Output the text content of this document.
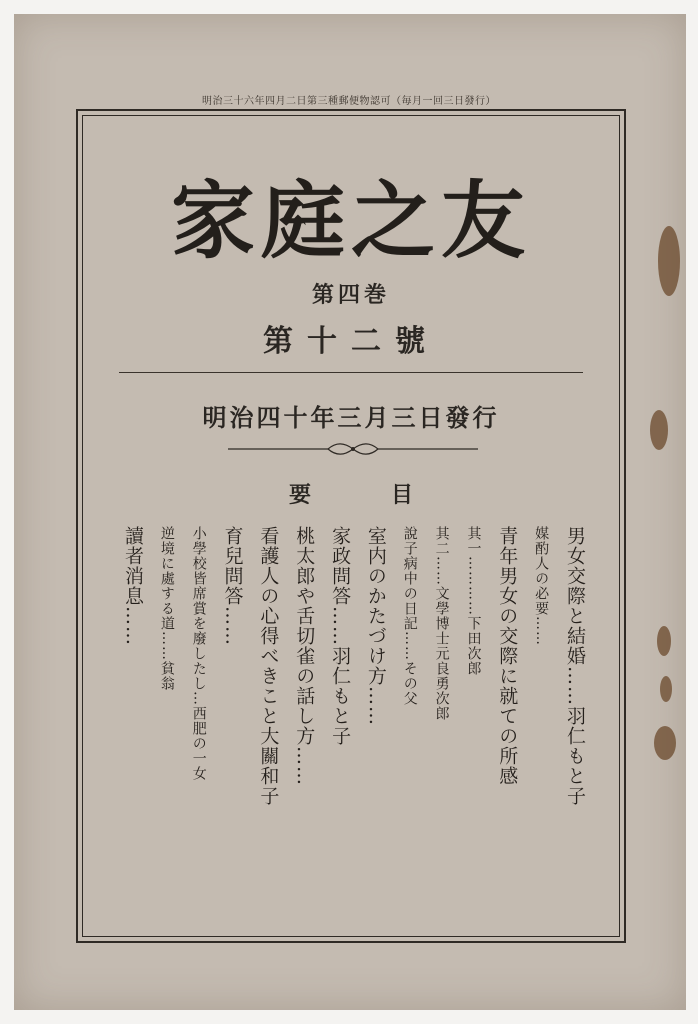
明治三十六年四月二日第三種郵便物認可（毎月一回三日發行）
家庭之友
第四巻
第十二號
明治四十年三月三日發行
要目
男女交際と結婚……羽仁もと子
媒酌人の必要……
青年男女の交際に就ての所感
其一…………下田次郎
其二……文學博士元良勇次郎
說子病中の日記……その父
室内のかたづけ方……
家政問答……羽仁もと子
桃太郎や舌切雀の話し方……
看護人の心得べきこと大關和子
育兒問答……
小學校皆席賞を廢したし…西肥の一女
逆境に處する道……貧翁
讀者消息……
